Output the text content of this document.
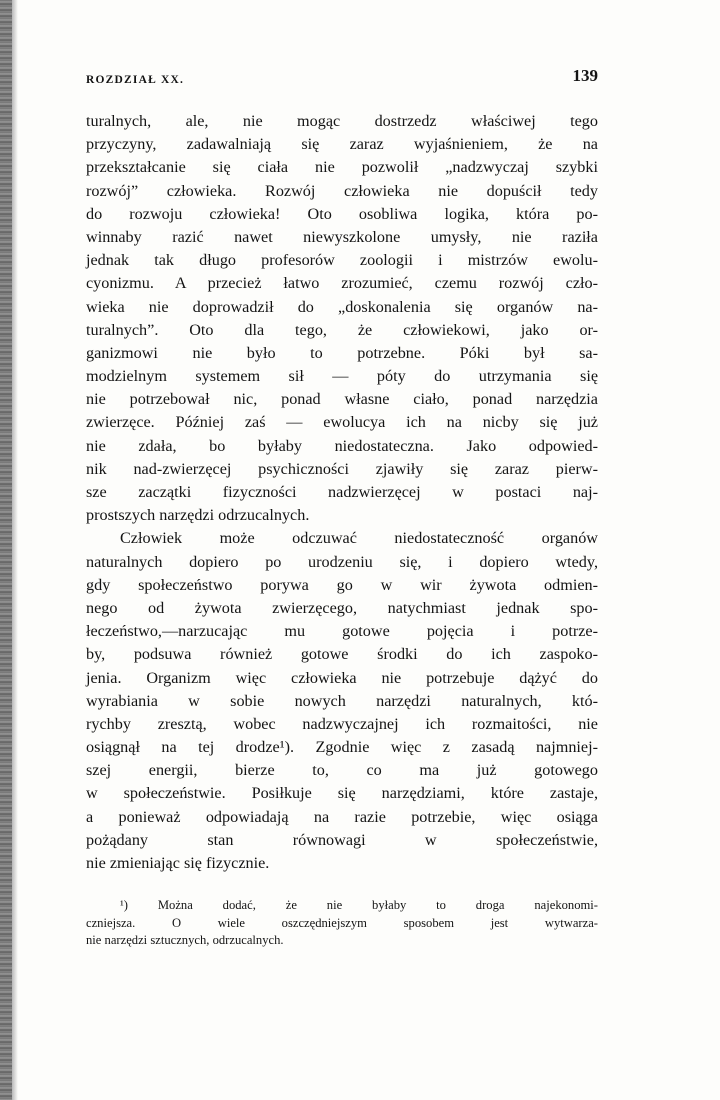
ROZDZIAŁ XX.	139
turalnych, ale, nie mogąc dostrzedz właściwej tego
przyczyny, zadawalniają się zaraz wyjaśnieniem, że na
przekształcanie się ciała nie pozwolił „nadzwyczaj szybki
rozwój” człowieka. Rozwój człowieka nie dopuścił tedy
do rozwoju człowieka! Oto osobliwa logika, która po-
winnaby razić nawet niewyszkolone umysły, nie raziła
jednak tak długo profesorów zoologii i mistrzów ewolu-
cyonizmu. A przecież łatwo zrozumieć, czemu rozwój czło-
wieka nie doprowadził do „doskonalenia się organów na-
turalnych”. Oto dla tego, że człowiekowi, jako or-
ganizmowi nie było to potrzebne. Póki był sa-
modzielnym systemem sił — póty do utrzymania się
nie potrzebował nic, ponad własne ciało, ponad narzędzia
zwierzęce. Później zaś — ewolucya ich na nicby się już
nie zdała, bo byłaby niedostateczna. Jako odpowied-
nik nad-zwierzęcej psychiczności zjawiły się zaraz pierw-
sze zaczątki fizyczności nadzwierzęcej w postaci naj-
prostszych narzędzi odrzucalnych.
Człowiek może odczuwać niedostateczność organów
naturalnych dopiero po urodzeniu się, i dopiero wtedy,
gdy społeczeństwo porywa go w wir żywota odmien-
nego od żywota zwierzęcego, natychmiast jednak spo-
łeczeństwo,—narzucając mu gotowe pojęcia i potrze-
by, podsuwa również gotowe środki do ich zaspoko-
jenia. Organizm więc człowieka nie potrzebuje dążyć do
wyrabiania w sobie nowych narzędzi naturalnych, któ-
rychby zresztą, wobec nadzwyczajnej ich rozmaitości, nie
osiągnął na tej drodze¹). Zgodnie więc z zasadą najmniej-
szej energii, bierze to, co ma już gotowego
w społeczeństwie. Posiłkuje się narzędziami, które zastaje,
a ponieważ odpowiadają na razie potrzebie, więc osiąga
pożądany stan równowagi w społeczeństwie,
nie zmieniając się fizycznie.
¹) Można dodać, że nie byłaby to droga najekonomi-
czniejsza. O wiele oszczędniejszym sposobem jest wytwarza-
nie narzędzi sztucznych, odrzucalnych.
